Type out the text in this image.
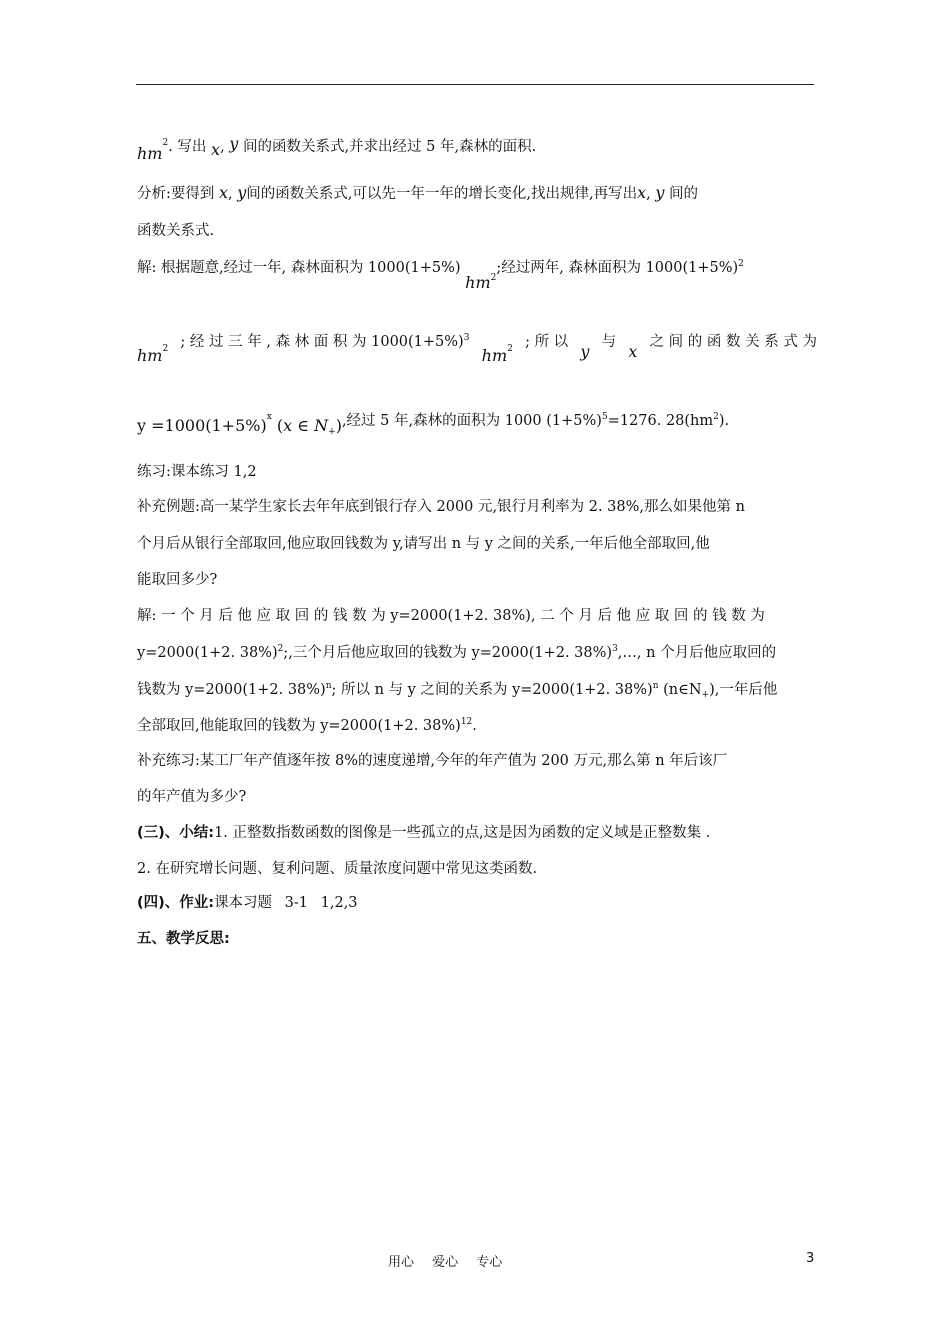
$hm^2$. 写出 x, y 间的函数关系式,并求出经过 5 年,森林的面积.
分析:要得到 x, y间的函数关系式,可以先一年一年的增长变化,找出规律,再写出x, y 间的
函数关系式.
解: 根据题意,经过一年, 森林面积为 1000(1+5%) $hm^2$;经过两年, 森林面积为 $1000(1+5\%)^2$
$hm^2$ ; 经 过 三 年 , 森 林 面 积 为 $1000(1+5\%)^3$
$hm^2$ ; 所 以 y 与 x 之 间 的 函 数 关 系 式 为
$y =1000(1+5\%)^x$ (x ∈ $N_+$),经过 5 年,森林的面积为 1000 $(1+5\%)^5=1276$. $28(hm^2)$.
练习:课本练习 1,2
补充例题:高一某学生家长去年年底到银行存入 2000 元,银行月利率为 2. 38%,那么如果他第 n
个月后从银行全部取回,他应取回钱数为 y,请写出 n 与 y 之间的关系,一年后他全部取回,他
能取回多少?
解: 一 个 月 后 他 应 取 回 的 钱 数 为 y=2000(1+2. 38%), 二 个 月 后 他 应 取 回 的 钱 数 为
y=2000(1+2. 38%)$^2$;,三个月后他应取回的钱数为 y=2000(1+2. 38%)$^3$,…, n 个月后他应取回的
钱数为 y=2000(1+2. 38%)$^n$; 所以 n 与 y 之间的关系为 y=2000(1+2. 38%)$^n$ $(n\in N_+)$,一年后他
全部取回,他能取回的钱数为 y=2000(1+2. 38%)$^{12}$.
补充练习:某工厂年产值逐年按 8%的速度递增,今年的年产值为 200 万元,那么第 n 年后该厂
的年产值为多少?
(三)、小结:1. 正整数指数函数的图像是一些孤立的点,这是因为函数的定义域是正整数集 .
2. 在研究增长问题、复利问题、质量浓度问题中常见这类函数.
(四)、作业:课本习题 3-1 1,2,3
五、教学反思:
用心 爱心 专心	3
